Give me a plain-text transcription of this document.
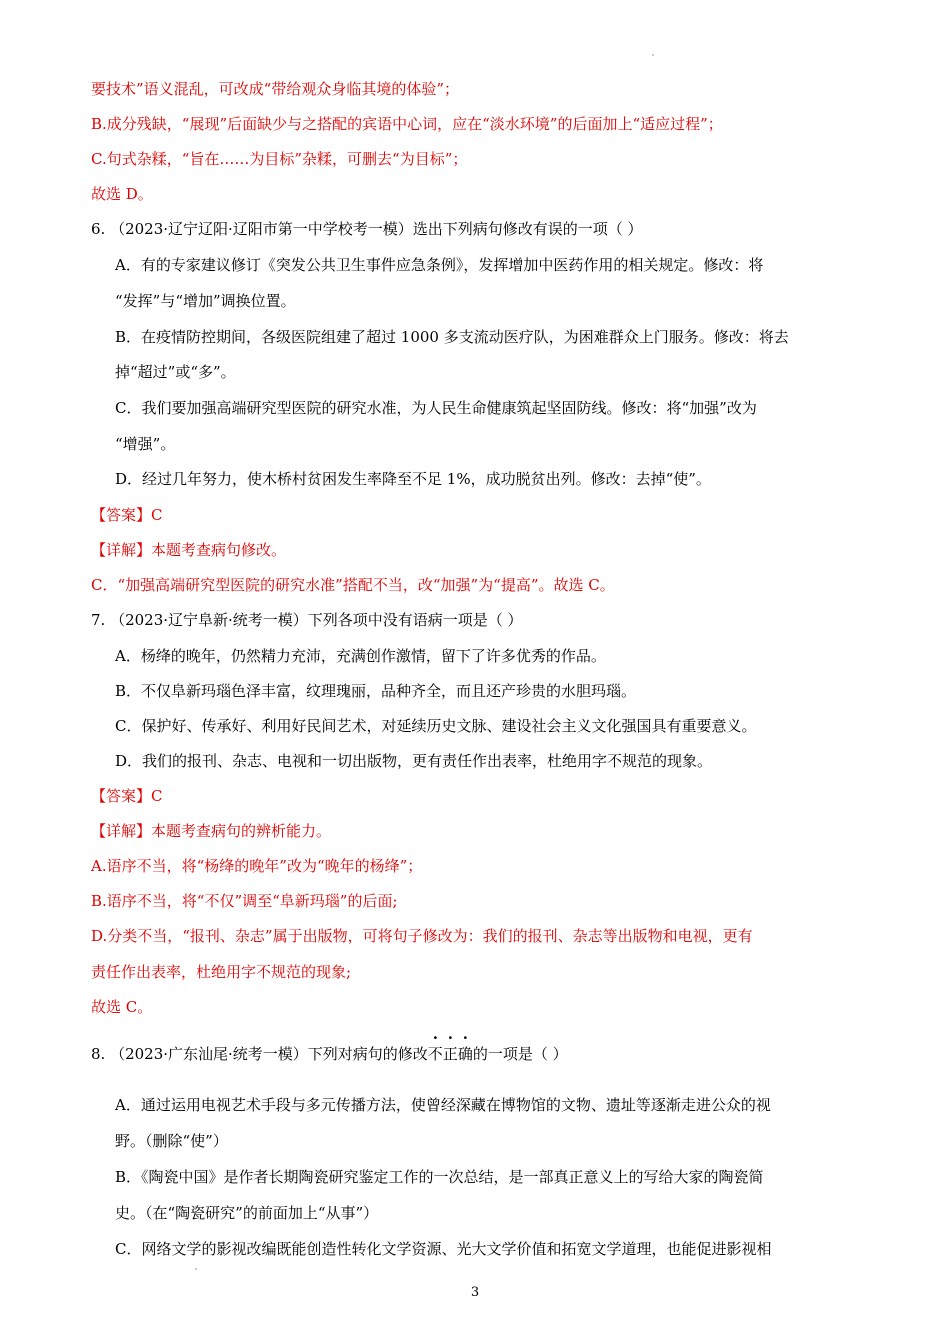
要技术”语义混乱，可改成“带给观众身临其境的体验”；
B.成分残缺，“展现”后面缺少与之搭配的宾语中心词，应在“淡水环境”的后面加上“适应过程”；
C.句式杂糅，“旨在……为目标”杂糅，可删去“为目标”；
故选 D。
6. （2023·辽宁辽阳·辽阳市第一中学校考一模）选出下列病句修改有误的一项（ ）
A．有的专家建议修订《突发公共卫生事件应急条例》，发挥增加中医药作用的相关规定。修改：将
“发挥”与“增加”调换位置。
B．在疫情防控期间，各级医院组建了超过 1000 多支流动医疗队，为困难群众上门服务。修改：将去
掉“超过”或“多”。
C．我们要加强高端研究型医院的研究水准，为人民生命健康筑起坚固防线。修改：将“加强”改为
“增强”。
D．经过几年努力，使木桥村贫困发生率降至不足 1%，成功脱贫出列。修改：去掉“使”。
【答案】C
【详解】本题考查病句修改。
C．“加强高端研究型医院的研究水准”搭配不当，改“加强”为“提高”。故选 C。
7. （2023·辽宁阜新·统考一模）下列各项中没有语病一项是（ ）
A．杨绛的晚年，仍然精力充沛，充满创作激情，留下了许多优秀的作品。
B．不仅阜新玛瑙色泽丰富，纹理瑰丽，品种齐全，而且还产珍贵的水胆玛瑙。
C．保护好、传承好、利用好民间艺术，对延续历史文脉、建设社会主义文化强国具有重要意义。
D．我们的报刊、杂志、电视和一切出版物，更有责任作出表率，杜绝用字不规范的现象。
【答案】C
【详解】本题考查病句的辨析能力。
A.语序不当，将“杨绛的晚年”改为“晚年的杨绛”；
B.语序不当，将“不仅”调至“阜新玛瑙”的后面;
D.分类不当，“报刊、杂志”属于出版物，可将句子修改为：我们的报刊、杂志等出版物和电视，更有
责任作出表率，杜绝用字不规范的现象;
故选 C。
8. （2023·广东汕尾·统考一模）下列对病句的修改不正确的一项是（ ）
A．通过运用电视艺术手段与多元传播方法，使曾经深藏在博物馆的文物、遗址等逐渐走进公众的视
野。（删除“使”）
B．《陶瓷中国》是作者长期陶瓷研究鉴定工作的一次总结，是一部真正意义上的写给大家的陶瓷简
史。（在“陶瓷研究”的前面加上“从事”）
C．网络文学的影视改编既能创造性转化文学资源、光大文学价值和拓宽文学道理，也能促进影视相
3
